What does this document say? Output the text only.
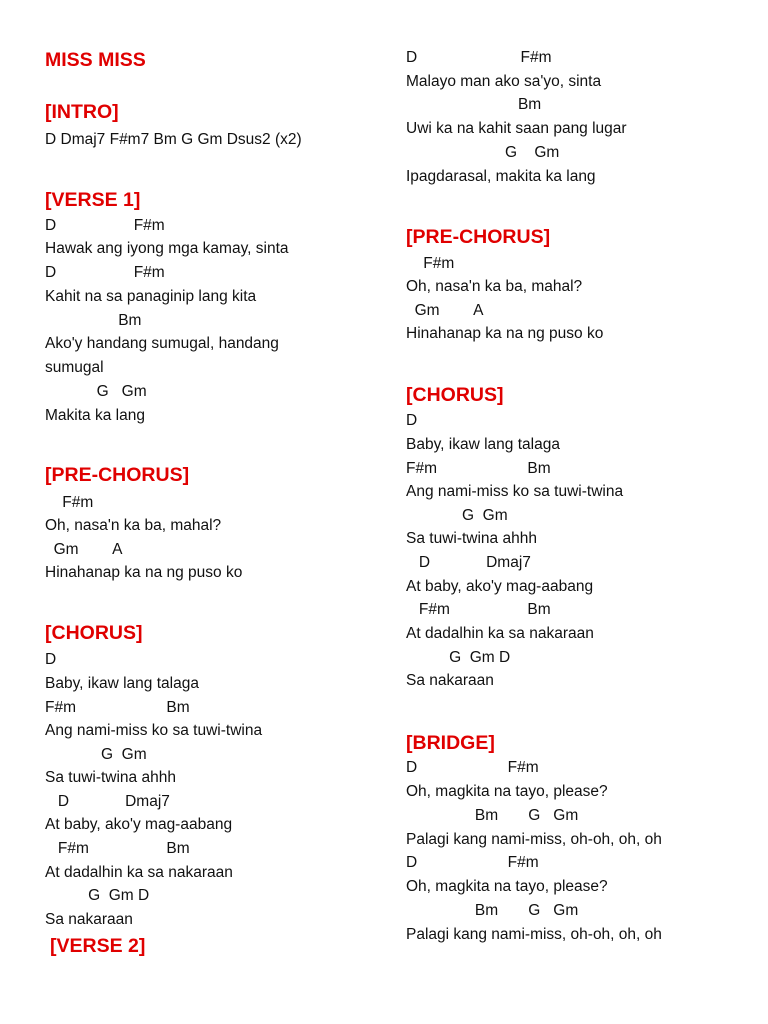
MISS MISS
[INTRO]
D Dmaj7 F#m7 Bm G Gm Dsus2 (x2)
[VERSE 1]
D                  F#m
Hawak ang iyong mga kamay, sinta
D                  F#m
Kahit na sa panaginip lang kita
Bm
Ako'y handang sumugal, handang
sumugal
G   Gm
Makita ka lang
[PRE-CHORUS]
F#m
Oh, nasa'n ka ba, mahal?
Gm        A
Hinahanap ka na ng puso ko
[CHORUS]
D
Baby, ikaw lang talaga
F#m                     Bm
Ang nami-miss ko sa tuwi-twina
G  Gm
Sa tuwi-twina ahhh
D             Dmaj7
At baby, ako'y mag-aabang
F#m                  Bm
At dadalhin ka sa nakaraan
G  Gm D
Sa nakaraan
[VERSE 2]
D                        F#m
Malayo man ako sa'yo, sinta
Bm
Uwi ka na kahit saan pang lugar
G    Gm
Ipagdarasal, makita ka lang
[PRE-CHORUS]
F#m
Oh, nasa'n ka ba, mahal?
Gm        A
Hinahanap ka na ng puso ko
[CHORUS]
D
Baby, ikaw lang talaga
F#m                     Bm
Ang nami-miss ko sa tuwi-twina
G  Gm
Sa tuwi-twina ahhh
D             Dmaj7
At baby, ako'y mag-aabang
F#m                  Bm
At dadalhin ka sa nakaraan
G  Gm D
Sa nakaraan
[BRIDGE]
D                     F#m
Oh, magkita na tayo, please?
Bm       G   Gm
Palagi kang nami-miss, oh-oh, oh, oh
D                     F#m
Oh, magkita na tayo, please?
Bm       G   Gm
Palagi kang nami-miss, oh-oh, oh, oh
